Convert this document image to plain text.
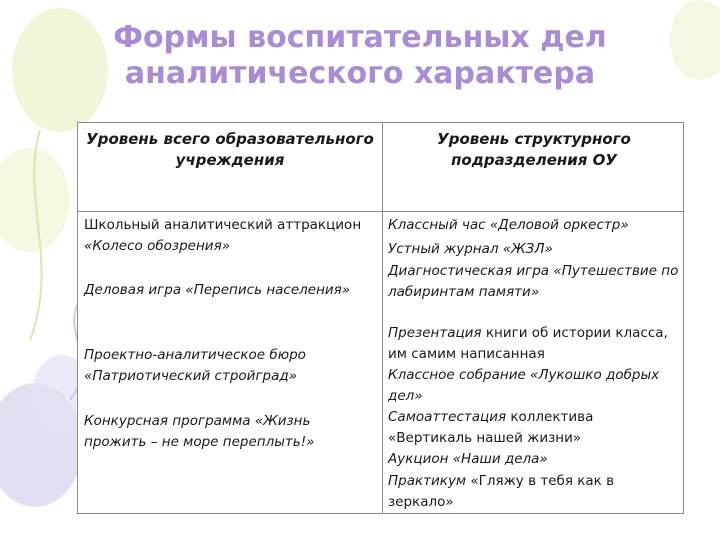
Формы воспитательных дел
аналитического характера
Уровень всего образовательного учреждения
Уровень структурного подразделения ОУ
Школьный аналитический аттракцион «Колесо обозрения»
Деловая игра «Перепись населения»
Проектно-аналитическое бюро «Патриотический стройград»
Конкурсная программа «Жизнь прожить – не море переплыть!»
Классный час «Деловой оркестр»
Устный журнал «ЖЗЛ»
Диагностическая игра «Путешествие по лабиринтам памяти»
Презентация книги об истории класса, им самим написанная
Классное собрание «Лукошко добрых дел»
Самоаттестация коллектива «Вертикаль нашей жизни»
Аукцион «Наши дела»
Практикум «Гляжу в тебя как в зеркало»
